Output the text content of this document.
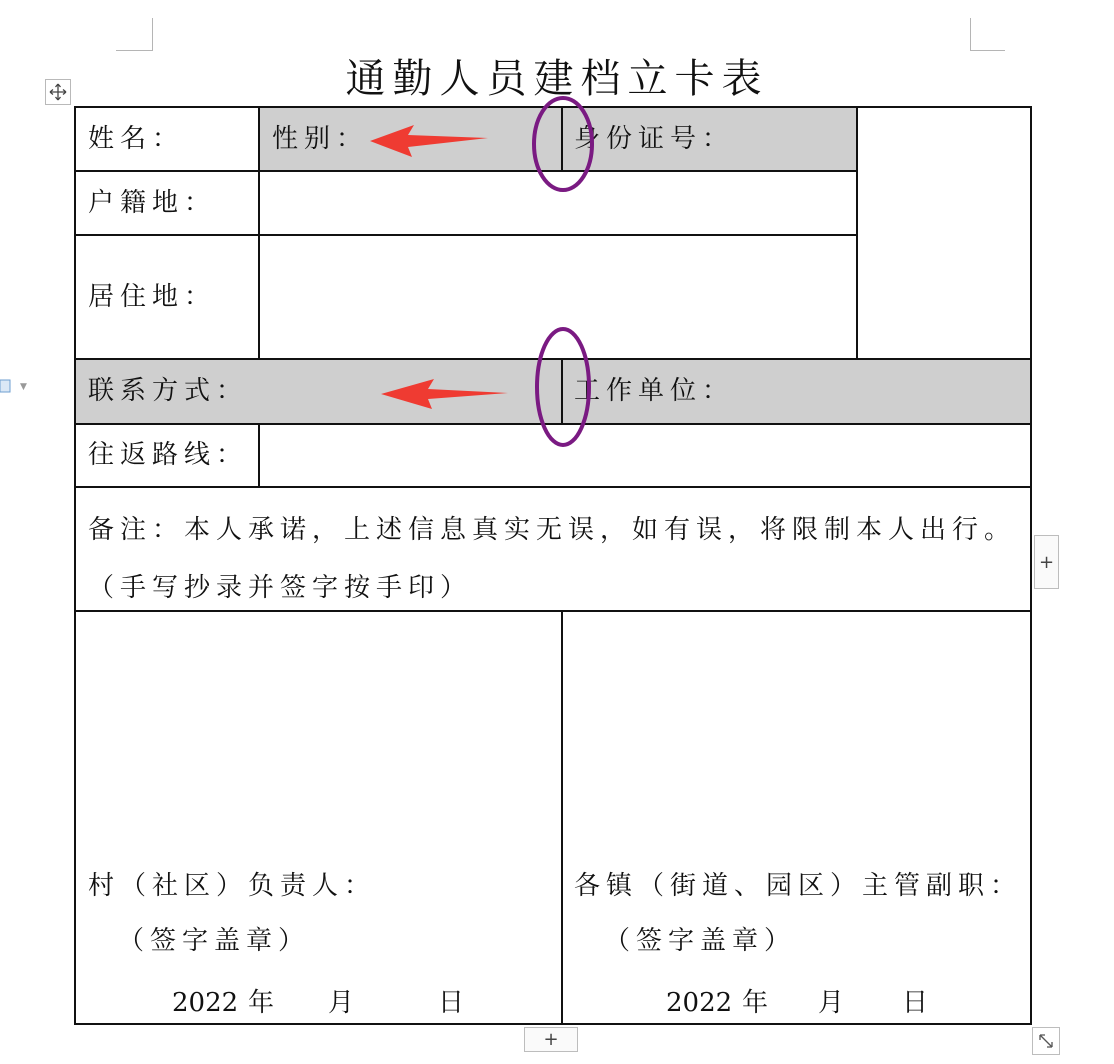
▼
通勤人员建档立卡表
姓名：	性别：	身份证号：
户籍地：
居住地：
联系方式：	工作单位：
往返路线：
备注：本人承诺，上述信息真实无误，如有误，将限制本人出行。（手写抄录并签字按手印）
村（社区）负责人：
（签字盖章）
2022 年 月	日
各镇（街道、园区）主管副职：
（签字盖章）
2022 年 月 日
+
+
